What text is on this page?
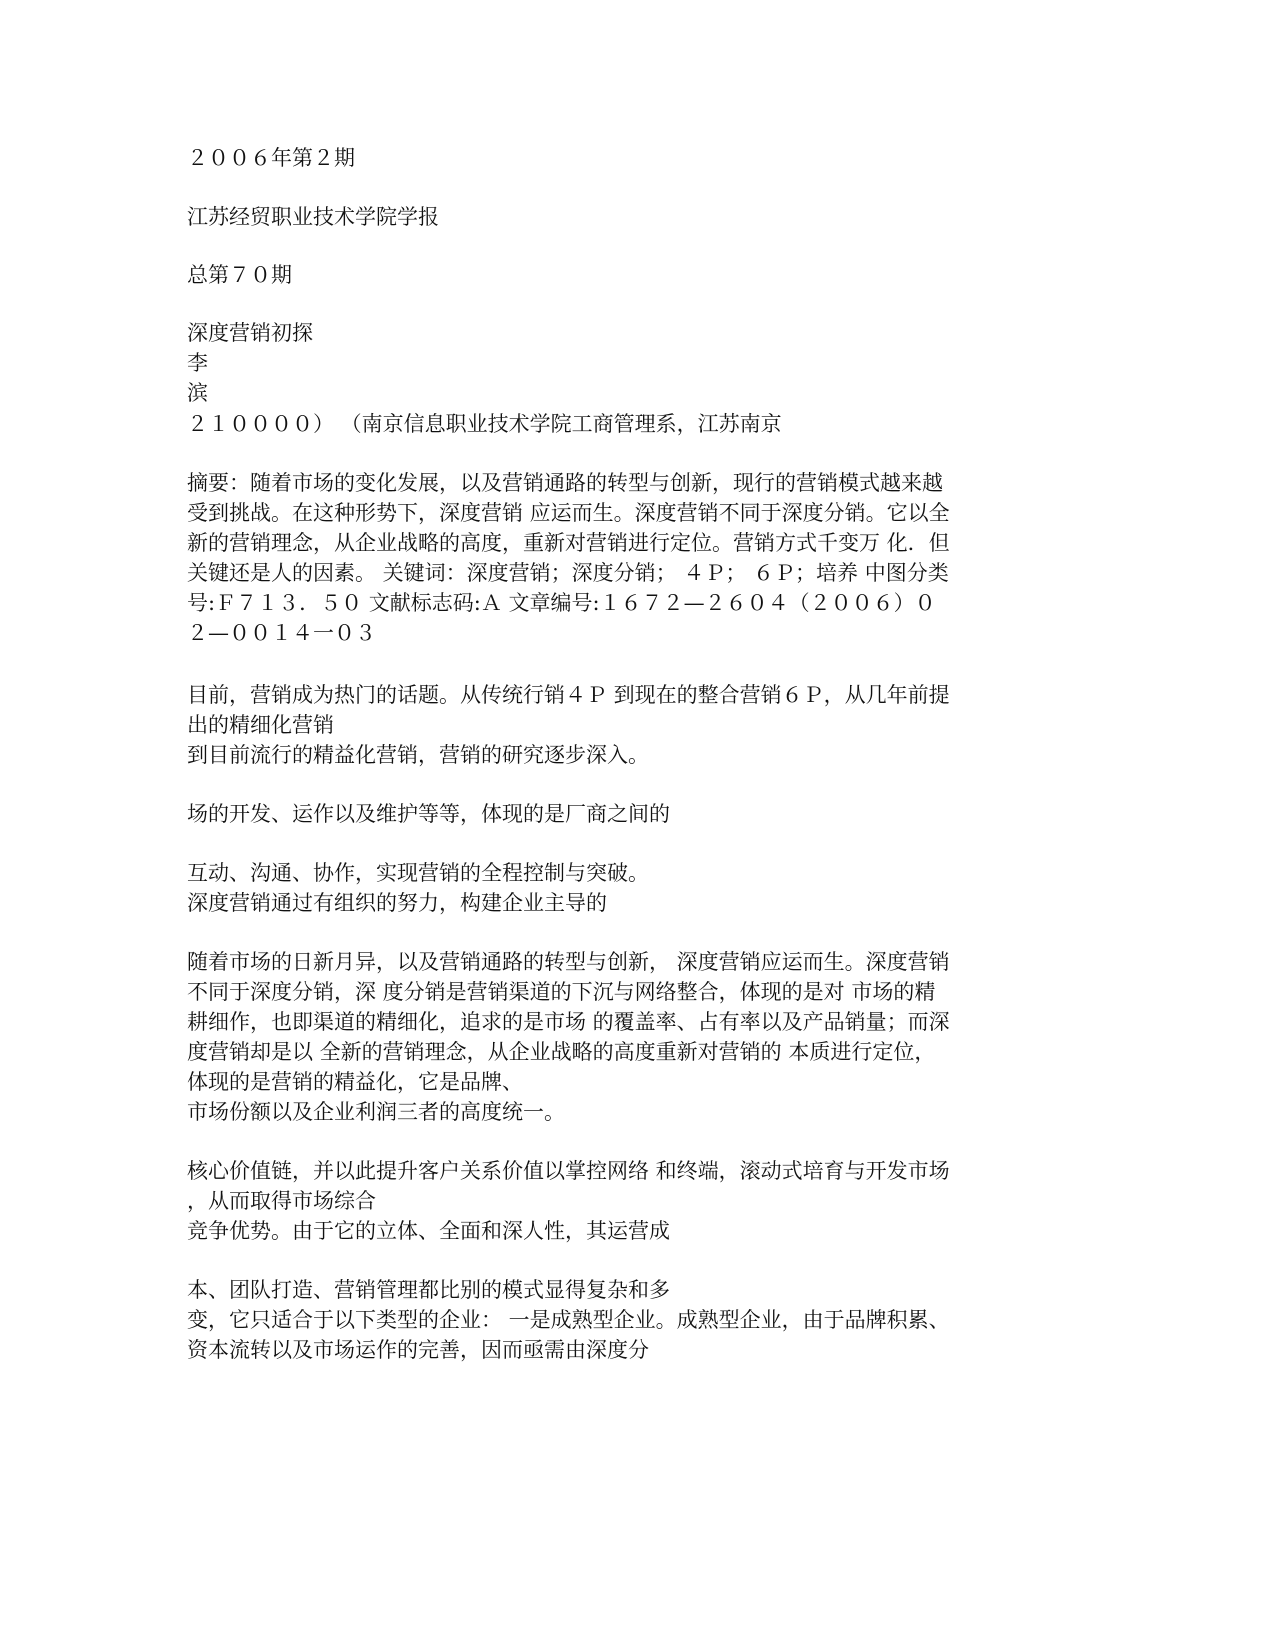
２００６年第２期

江苏经贸职业技术学院学报

总第７０期

深度营销初探

李

滨

２１００００） （南京信息职业技术学院工商管理系，江苏南京

摘要：随着市场的变化发展，以及营销通路的转型与创新，现行的营销模式越来越

受到挑战。在这种形势下，深度营销 应运而生。深度营销不同于深度分销。它以全

新的营销理念，从企业战略的高度，重新对营销进行定位。营销方式千变万 化．但

关键还是人的因素。 关键词：深度营销；深度分销； ４Ｐ； ６Ｐ；培养 中图分类

号:Ｆ７１３．５０ 文献标志码:Ａ 文章编号:１６７２—２６０４（２００６）０

２—００１４一０３

目前，营销成为热门的话题。从传统行销４Ｐ 到现在的整合营销６Ｐ，从几年前提

出的精细化营销

到目前流行的精益化营销，营销的研究逐步深入。

场的开发、运作以及维护等等，体现的是厂商之间的

互动、沟通、协作，实现营销的全程控制与突破。

深度营销通过有组织的努力，构建企业主导的

随着市场的日新月异，以及营销通路的转型与创新， 深度营销应运而生。深度营销

不同于深度分销，深 度分销是营销渠道的下沉与网络整合，体现的是对 市场的精

耕细作，也即渠道的精细化，追求的是市场 的覆盖率、占有率以及产品销量；而深

度营销却是以 全新的营销理念，从企业战略的高度重新对营销的 本质进行定位，

体现的是营销的精益化，它是品牌、

市场份额以及企业利润三者的高度统一。

核心价值链，并以此提升客户关系价值以掌控网络 和终端，滚动式培育与开发市场

，从而取得市场综合

竞争优势。由于它的立体、全面和深人性，其运营成

本、团队打造、营销管理都比别的模式显得复杂和多

变，它只适合于以下类型的企业： 一是成熟型企业。成熟型企业，由于品牌积累、

资本流转以及市场运作的完善，因而亟需由深度分
